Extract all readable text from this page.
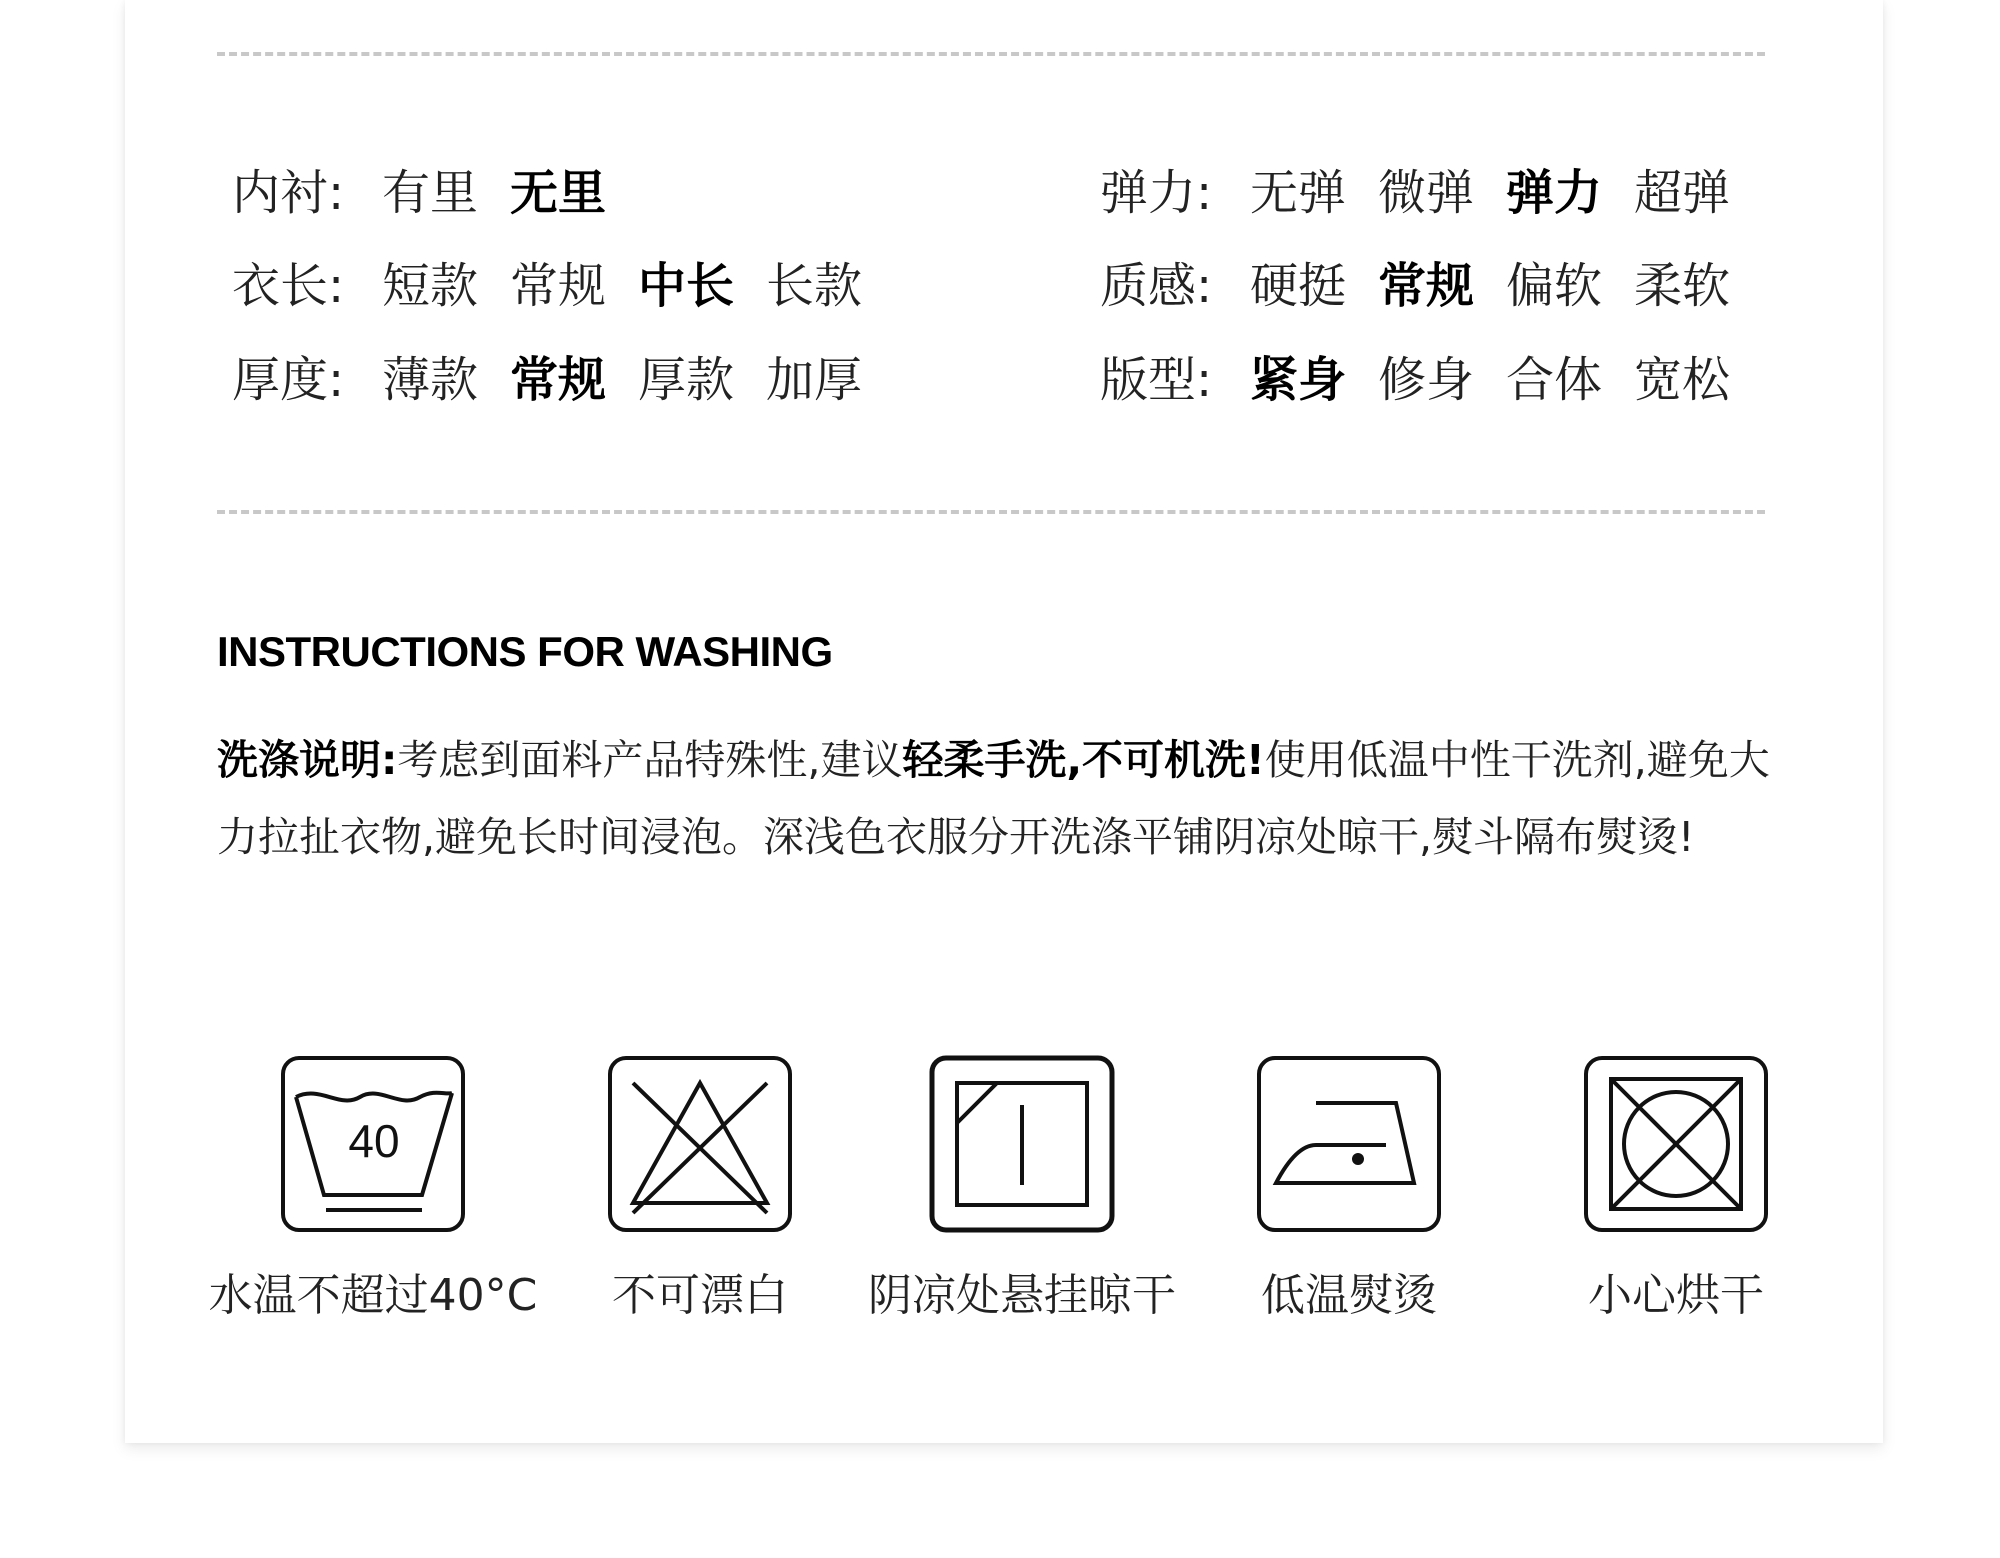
内衬: 有里 无里
衣长: 短款 常规 中长 长款
厚度: 薄款 常规 厚款 加厚
弹力: 无弹 微弹 弹力 超弹
质感: 硬挺 常规 偏软 柔软
版型: 紧身 修身 合体 宽松
INSTRUCTIONS FOR WASHING
洗涤说明:考虑到面料产品特殊性,建议轻柔手洗,不可机洗!使用低温中性干洗剂,避免大力拉扯衣物,避免长时间浸泡。深浅色衣服分开洗涤平铺阴凉处晾干,熨斗隔布熨烫!
40
水温不超过40°C	不可漂白	阴凉处悬挂晾干	低温熨烫	小心烘干
